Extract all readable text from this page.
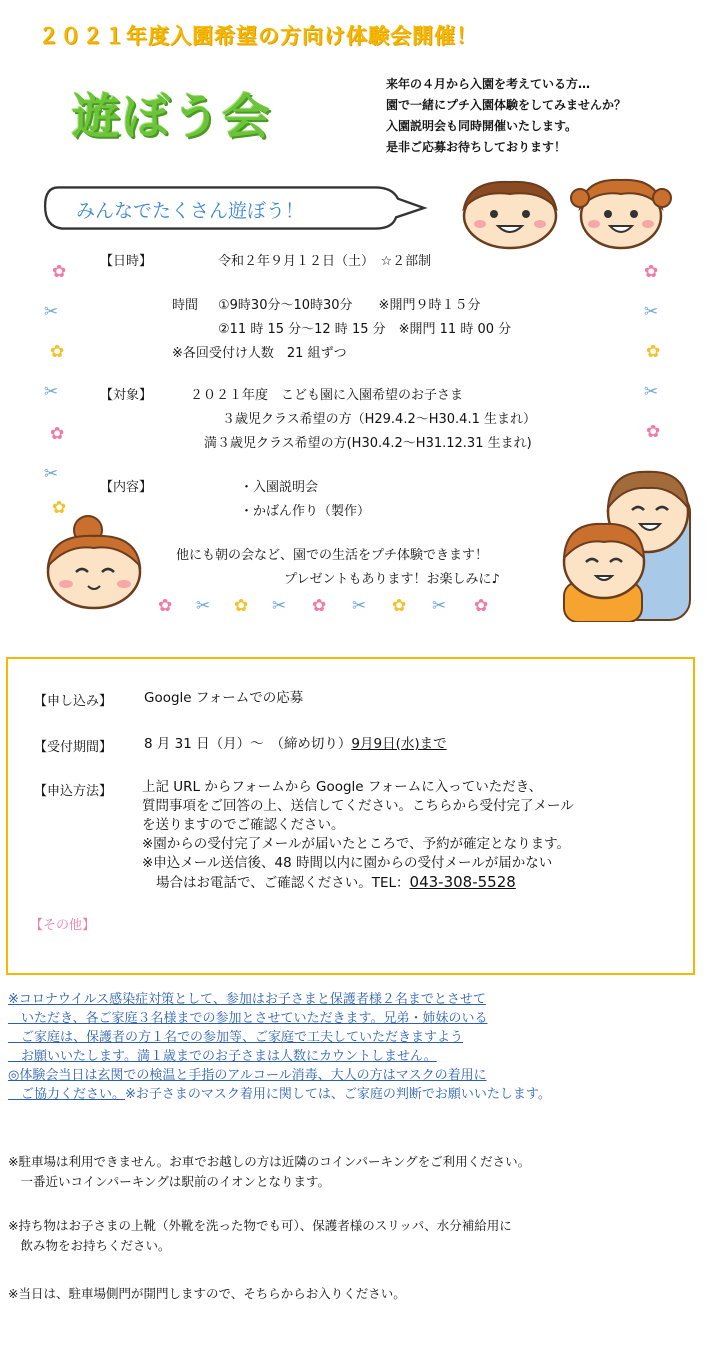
２０２１年度入園希望の方向け体験会開催！
遊ぼう会
来年の４月から入園を考えている方…
園で一緒にプチ入園体験をしてみませんか？
入園説明会も同時開催いたします。
是非ご応募お待ちしております！
みんなでたくさん遊ぼう！
✿
✂
✿
✂
✿
✂
✿
✿
✂
✿
✂
✿
【日時】	令和２年９月１２日（土）　☆２部制
時間 ①9時30分～10時30分　　※開門９時１５分
②11 時 15 分～12 時 15 分　※開門 11 時 00 分
※各回受付け人数　21 組ずつ
【対象】	２０２１年度　こども園に入園希望のお子さま
３歳児クラス希望の方（H29.4.2～H30.4.1 生まれ）
満３歳児クラス希望の方(H30.4.2～H31.12.31 生まれ)
【内容】	・入園説明会
・かばん作り（製作）
他にも朝の会など、園での生活をプチ体験できます！
プレゼントもあります！お楽しみに♪
✿ ✂ ✿ ✂ ✿ ✂ ✿ ✂ ✿
【申し込み】 Google フォームでの応募
【受付期間】 8 月 31 日（月）～　（締め切り）9月9日(水)まで
【申込方法】 上記 URL からフォームから Google フォームに入っていただき、
質問事項をご回答の上、送信してください。こちらから受付完了メール
を送りますのでご確認ください。
※園からの受付完了メールが届いたところで、予約が確定となります。
※申込メール送信後、48 時間以内に園からの受付メールが届かない
場合はお電話で、ご確認ください。TEL：043-308-5528
【その他】
※コロナウイルス感染症対策として、参加はお子さまと保護者様２名までとさせて
　いただき、各ご家庭３名様までの参加とさせていただきます。兄弟・姉妹のいる
　ご家庭は、保護者の方１名での参加等、ご家庭で工夫していただきますよう
　お願いいたします。満１歳までのお子さまは人数にカウントしません。
◎体験会当日は玄関での検温と手指のアルコール消毒、大人の方はマスクの着用に
　ご協力ください。※お子さまのマスク着用に関しては、ご家庭の判断でお願いいたします。
※駐車場は利用できません。お車でお越しの方は近隣のコインパーキングをご利用ください。
　一番近いコインパーキングは駅前のイオンとなります。
※持ち物はお子さまの上靴（外靴を洗った物でも可）、保護者様のスリッパ、水分補給用に
　飲み物をお持ちください。
※当日は、駐車場側門が開門しますので、そちらからお入りください。
